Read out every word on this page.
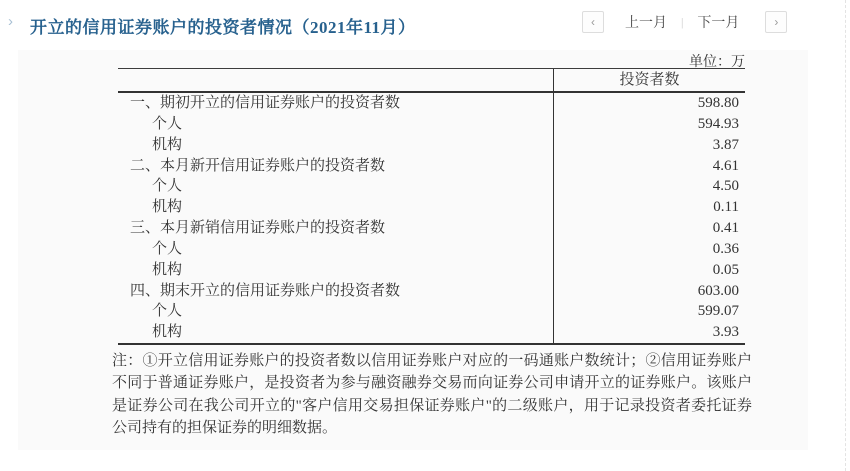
› 开立的信用证券账户的投资者情况（2021年11月）	‹	上一月 | 下一月	›
单位：万
投资者数
一、期初开立的信用证券账户的投资者数	598.80
个人	594.93
机构	3.87
二、本月新开信用证券账户的投资者数	4.61
个人	4.50
机构	0.11
三、本月新销信用证券账户的投资者数	0.41
个人	0.36
机构	0.05
四、期末开立的信用证券账户的投资者数	603.00
个人	599.07
机构	3.93

注：①开立信用证券账户的投资者数以信用证券账户对应的一码通账户数统计；②信用证券账户不同于普通证券账户，是投资者为参与融资融券交易而向证券公司申请开立的证券账户。该账户是证券公司在我公司开立的"客户信用交易担保证券账户"的二级账户，用于记录投资者委托证券公司持有的担保证券的明细数据。
